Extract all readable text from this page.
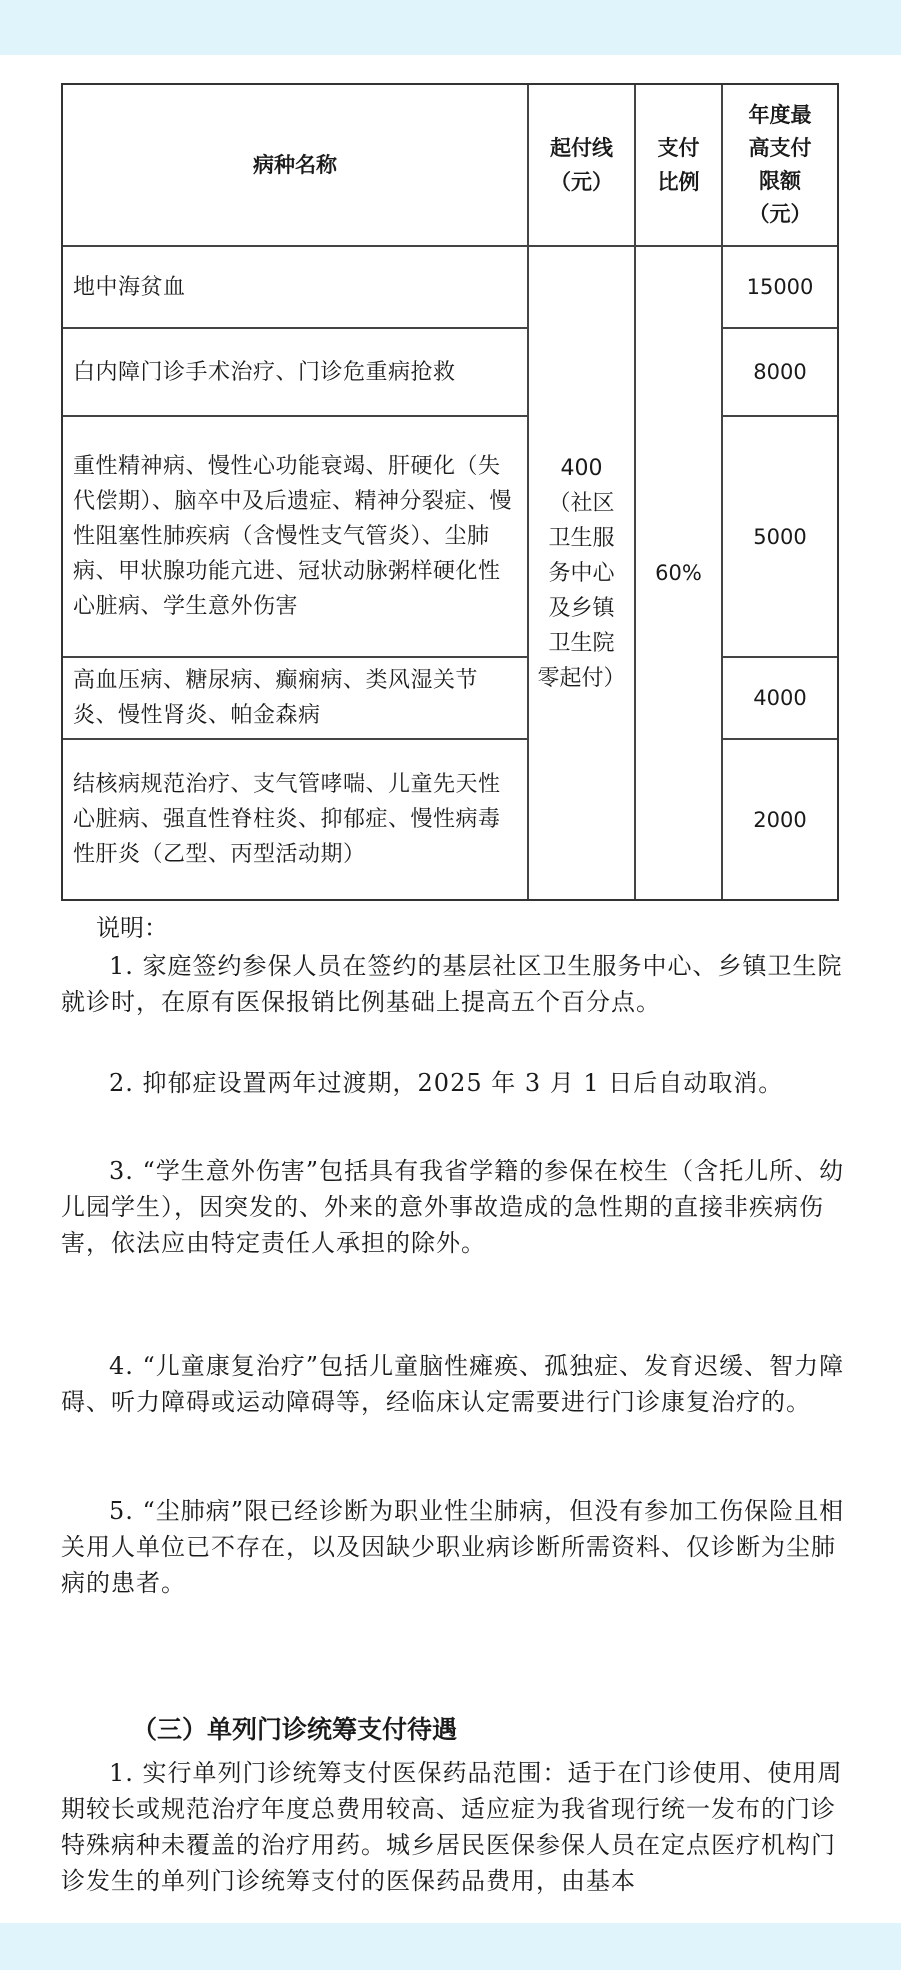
病种名称
起付线
（元）
支付
比例
年度最
高支付
限额
（元）
地中海贫血
白内障门诊手术治疗、门诊危重病抢救
重性精神病、慢性心功能衰竭、肝硬化（失代偿期）、脑卒中及后遗症、精神分裂症、慢性阻塞性肺疾病（含慢性支气管炎）、尘肺病、甲状腺功能亢进、冠状动脉粥样硬化性心脏病、学生意外伤害
高血压病、糖尿病、癫痫病、类风湿关节炎、慢性肾炎、帕金森病
结核病规范治疗、支气管哮喘、儿童先天性心脏病、强直性脊柱炎、抑郁症、慢性病毒性肝炎（乙型、丙型活动期）
400
（社区
卫生服
务中心
及乡镇
卫生院
零起付）
60%
15000
8000
5000
4000
2000
说明：
1. 家庭签约参保人员在签约的基层社区卫生服务中心、乡镇卫生院就诊时，在原有医保报销比例基础上提高五个百分点。
2. 抑郁症设置两年过渡期，2025 年 3 月 1 日后自动取消。
3. “学生意外伤害”包括具有我省学籍的参保在校生（含托儿所、幼儿园学生），因突发的、外来的意外事故造成的急性期的直接非疾病伤害，依法应由特定责任人承担的除外。
4. “儿童康复治疗”包括儿童脑性瘫痪、孤独症、发育迟缓、智力障碍、听力障碍或运动障碍等，经临床认定需要进行门诊康复治疗的。
5. “尘肺病”限已经诊断为职业性尘肺病，但没有参加工伤保险且相关用人单位已不存在，以及因缺少职业病诊断所需资料、仅诊断为尘肺病的患者。
（三）单列门诊统筹支付待遇
1. 实行单列门诊统筹支付医保药品范围：适于在门诊使用、使用周期较长或规范治疗年度总费用较高、适应症为我省现行统一发布的门诊特殊病种未覆盖的治疗用药。城乡居民医保参保人员在定点医疗机构门诊发生的单列门诊统筹支付的医保药品费用，由基本
